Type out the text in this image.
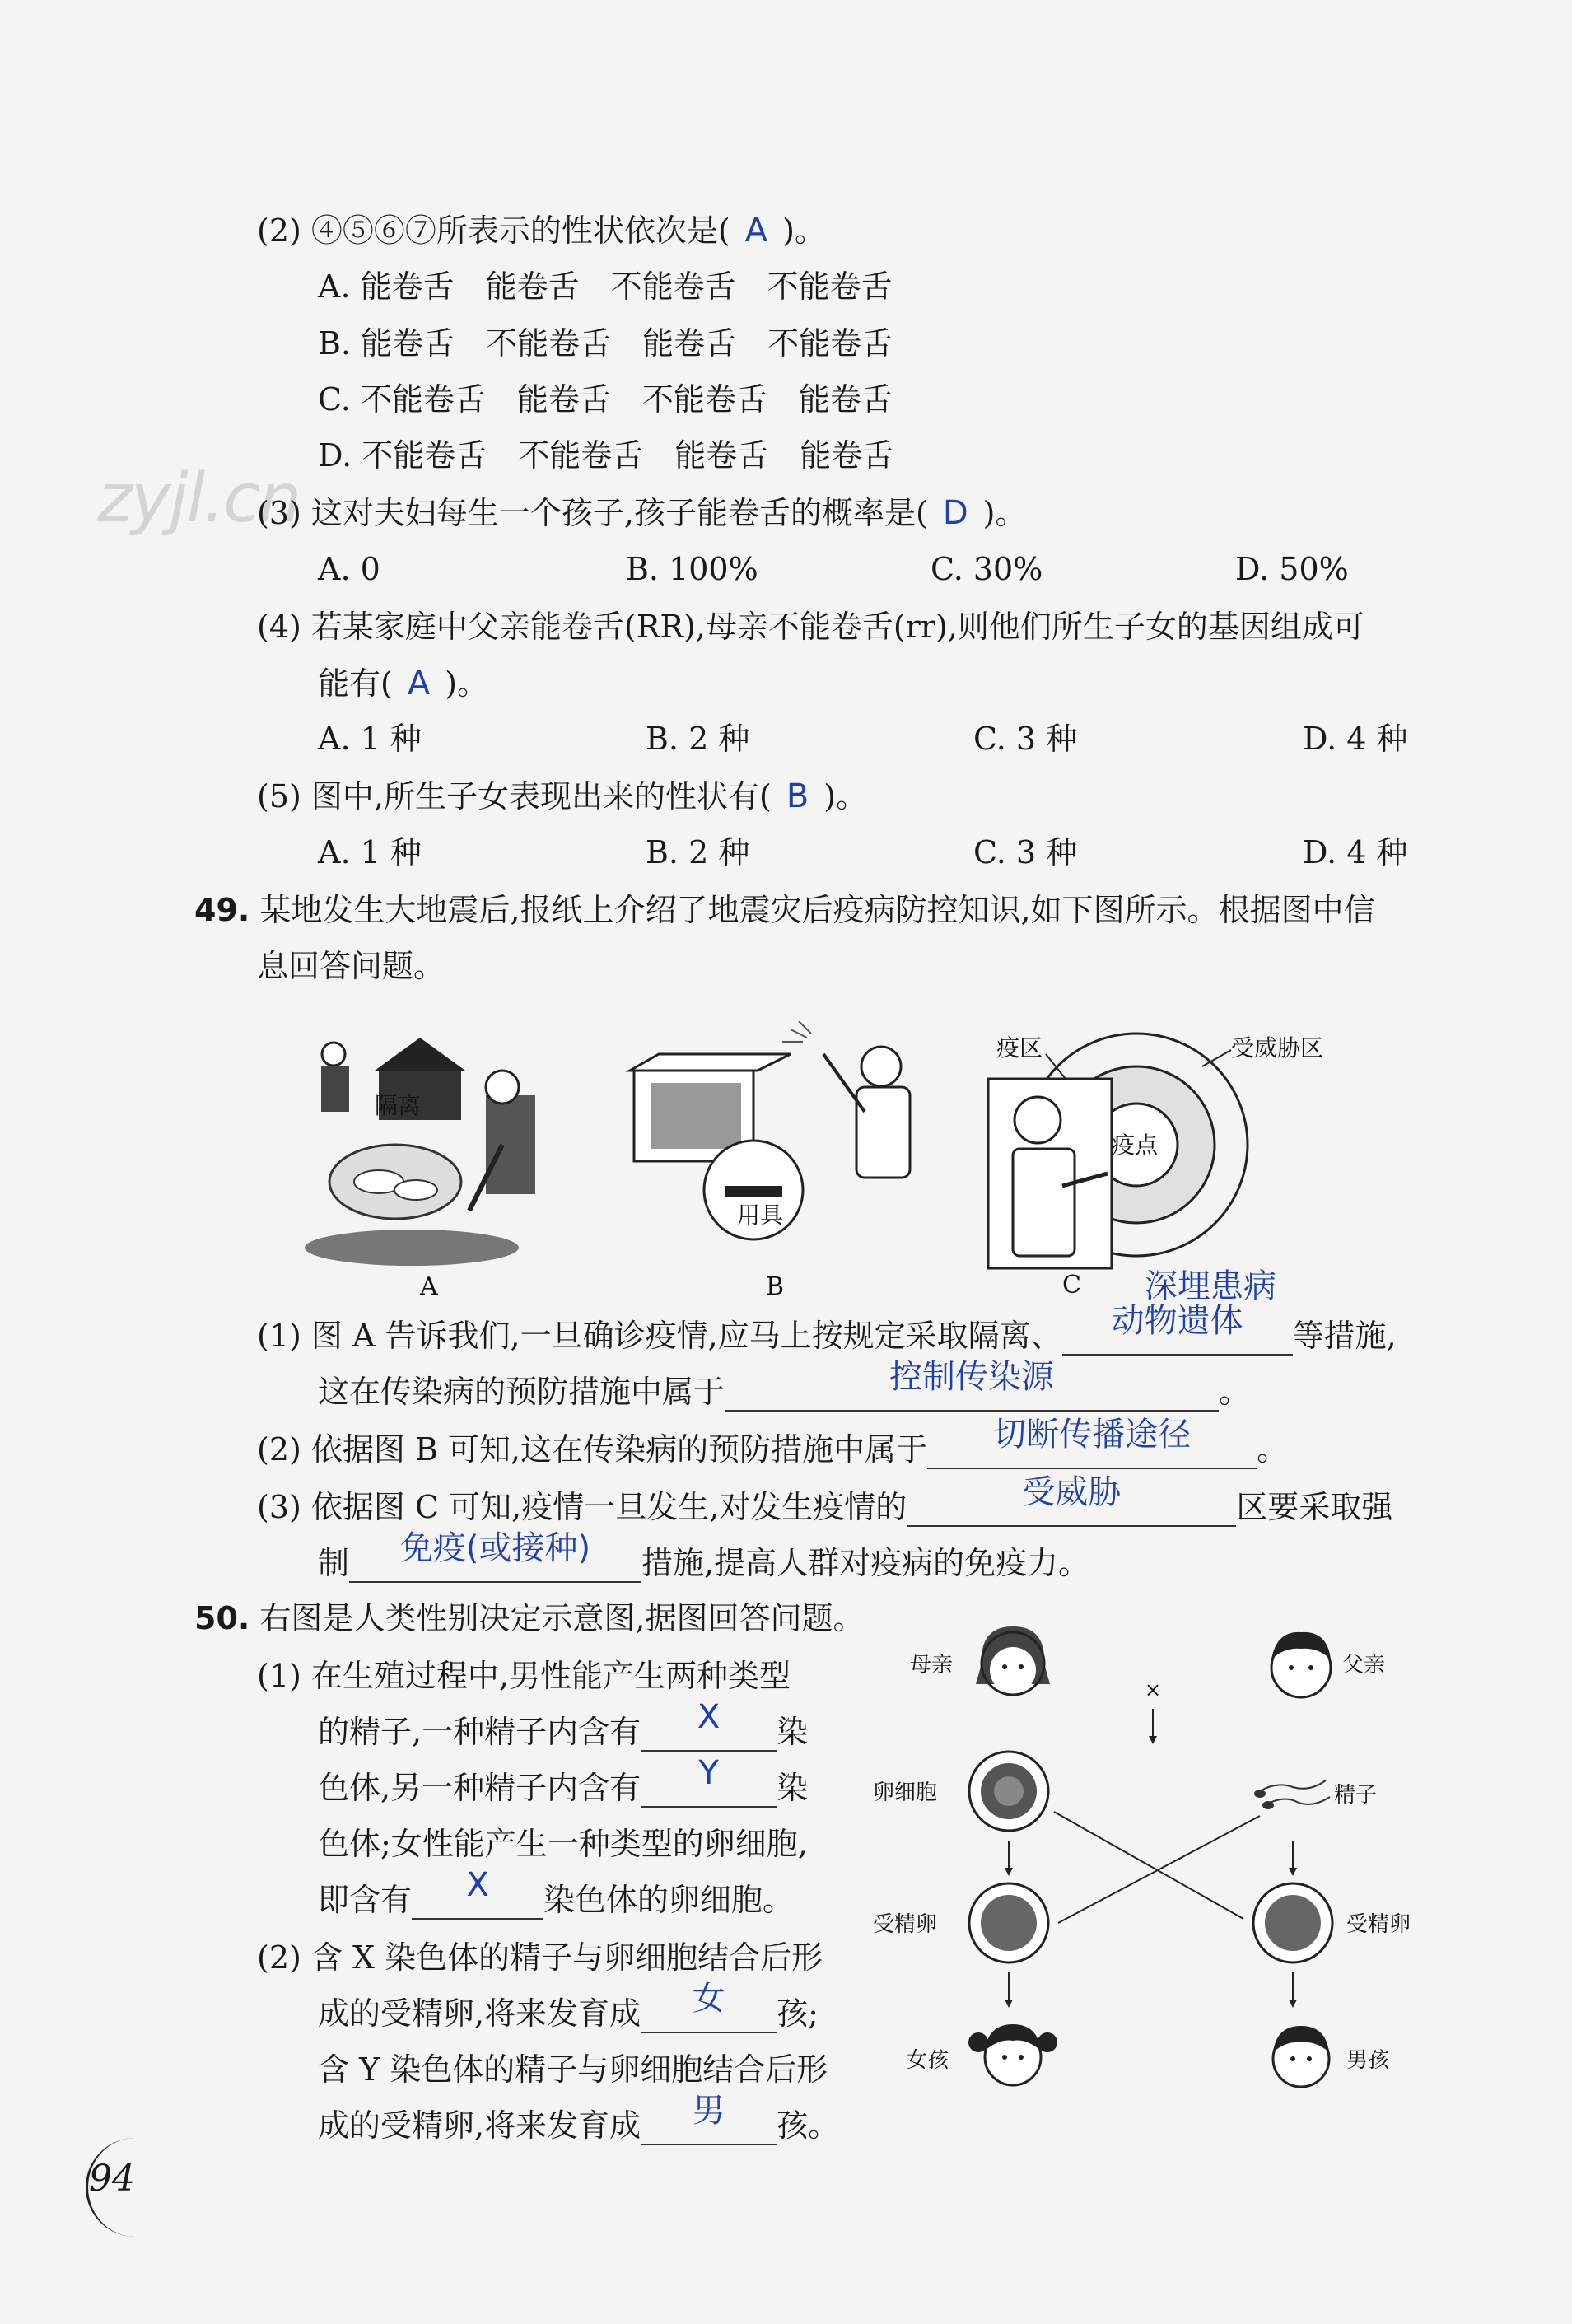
zyjl.cn
(2) ④⑤⑥⑦所表示的性状依次是( A )。
A. 能卷舌　能卷舌　不能卷舌　不能卷舌
B. 能卷舌　不能卷舌　能卷舌　不能卷舌
C. 不能卷舌　能卷舌　不能卷舌　能卷舌
D. 不能卷舌　不能卷舌　能卷舌　能卷舌
(3) 这对夫妇每生一个孩子,孩子能卷舌的概率是( D )。
A. 0	B. 100%	C. 30%	D. 50%
(4) 若某家庭中父亲能卷舌(RR),母亲不能卷舌(rr),则他们所生子女的基因组成可
能有( A )。
A. 1 种	B. 2 种	C. 3 种	D. 4 种
(5) 图中,所生子女表现出来的性状有( B )。
A. 1 种	B. 2 种	C. 3 种	D. 4 种
49. 某地发生大地震后,报纸上介绍了地震灾后疫病防控知识,如下图所示。根据图中信
息回答问题。
隔离
A
用具
B
疫点
疫区	受威胁区
C 深埋患病
(1) 图 A 告诉我们,一旦确诊疫情,应马上按规定采取隔离、 动物遗体 等措施,
这在传染病的预防措施中属于	控制传染源	。
(2) 依据图 B 可知,这在传染病的预防措施中属于 切断传播途径 。
(3) 依据图 C 可知,疫情一旦发生,对发生疫情的	受威胁	区要采取强
制 免疫(或接种) 措施,提高人群对疫病的免疫力。
50. 右图是人类性别决定示意图,据图回答问题。
(1) 在生殖过程中,男性能产生两种类型
的精子,一种精子内含有 X 染
色体,另一种精子内含有 Y 染
色体;女性能产生一种类型的卵细胞,
即含有 X 染色体的卵细胞。
(2) 含 X 染色体的精子与卵细胞结合后形
成的受精卵,将来发育成 女 孩;
含 Y 染色体的精子与卵细胞结合后形
成的受精卵,将来发育成 男 孩。
母亲	父亲
×
卵细胞	精子
受精卵	受精卵
女孩	男孩
94
